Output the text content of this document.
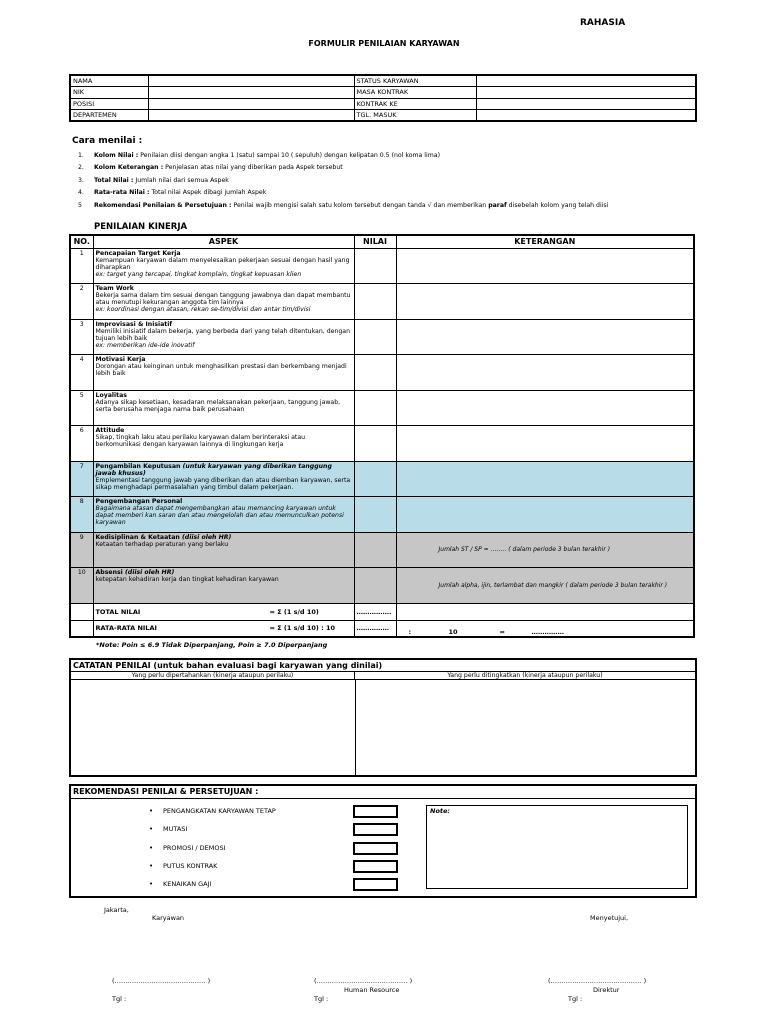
RAHASIA
FORMULIR PENILAIAN KARYAWAN
NAMA		STATUS KARYAWAN	
NIK		MASA KONTRAK	
POSISI		KONTRAK KE	
DEPARTEMEN		TGL. MASUK	
Cara menilai :
1.	Kolom Nilai : Penilaian diisi dengan angka 1 (satu) sampai 10 ( sepuluh) dengan kelipatan 0.5 (nol koma lima)
2.	Kolom Keterangan : Penjelasan atas nilai yang diberikan pada Aspek tersebut
3.	Total Nilai : Jumlah nilai dari semua Aspek
4.	Rata-rata Nilai : Total nilai Aspek dibagi jumlah Aspek
5	Rekomendasi Penilaian & Persetujuan : Penilai wajib mengisi salah satu kolom tersebut dengan tanda √ dan memberikan paraf disebelah kolom yang telah diisi
PENILAIAN KINERJA
NO.	ASPEK	NILAI	KETERANGAN
1	Pencapaian Target Kerja
Kemampuan karyawan dalam menyelesaikan pekerjaan sesuai dengan hasil yang diharapkan
ex: target yang tercapai, tingkat komplain, tingkat kepuasan klien		

2	Team Work
Bekerja sama dalam tim sesuai dengan tanggung jawabnya dan dapat membantu atau menutupi kekurangan anggota tim lainnya
ex: koordinasi dengan atasan, rekan se-tim/divisi dan antar tim/divisi		

3	Improvisasi & Inisiatif
Memiliki inisiatif dalam bekerja, yang berbeda dari yang telah ditentukan, dengan tujuan lebih baik
ex: memberikan ide-ide inovatif		

4	Motivasi Kerja
Dorongan atau keinginan untuk menghasilkan prestasi dan berkembang menjadi lebih baik		

5	Loyalitas
Adanya sikap kesetiaan, kesadaran melaksanakan pekerjaan, tanggung jawab, serta berusaha menjaga nama baik perusahaan		

6	Attitude
Sikap, tingkah laku atau perilaku karyawan dalam berinteraksi atau berkomunikasi dengan karyawan lainnya di lingkungan kerja		

7	Pengambilan Keputusan (untuk karyawan yang diberikan tanggung jawab khusus)
Emplementasi tanggung jawab yang diberikan dan atau diemban karyawan, serta sikap menghadapi permasalahan yang timbul dalam pekerjaan.		

8	Pengembangan Personal
Bagaimana atasan dapat mengembangkan atau memancing karyawan untuk dapat memberi kan saran dan atau mengelolah dan atau memunculkan potensi karyawan		

9	Kedisiplinan & Ketaatan (diisi oleh HR)
Ketaatan terhadap peraturan yang berlaku		Jumlah ST / SP = …….. ( dalam periode 3 bulan terakhir )
10	Absensi (diisi oleh HR)
ketepatan kehadiran kerja dan tingkat kehadiran karyawan		Jumlah alpha, ijin, terlambat dan mangkir ( dalam periode 3 bulan terakhir )
	TOTAL NILAI = Σ (1 s/d 10)	…………….	
	RATA-RATA NILAI = Σ (1 s/d 10) : 10	……………	: 10 = ……………
*Note: Poin ≤ 6.9 Tidak Diperpanjang, Poin ≥ 7.0 Diperpanjang
CATATAN PENILAI (untuk bahan evaluasi bagi karyawan yang dinilai)
Yang perlu dipertahankan (kinerja ataupun perilaku)	Yang perlu ditingkatkan (kinerja ataupun perilaku)
REKOMENDASI PENILAI & PERSETUJUAN :
Note:
•	PENGANGKATAN KARYAWAN TETAP
•	MUTASI
•	PROMOSI / DEMOSI
•	PUTUS KONTRAK
•	KENAIKAN GAJI
Jakarta,
Karyawan	Menyetujui,
(…………………………………… )	(…………………………………… )	(…………………………………… )
Human Resource	Direktur
Tgl :	Tgl :	Tgl :
